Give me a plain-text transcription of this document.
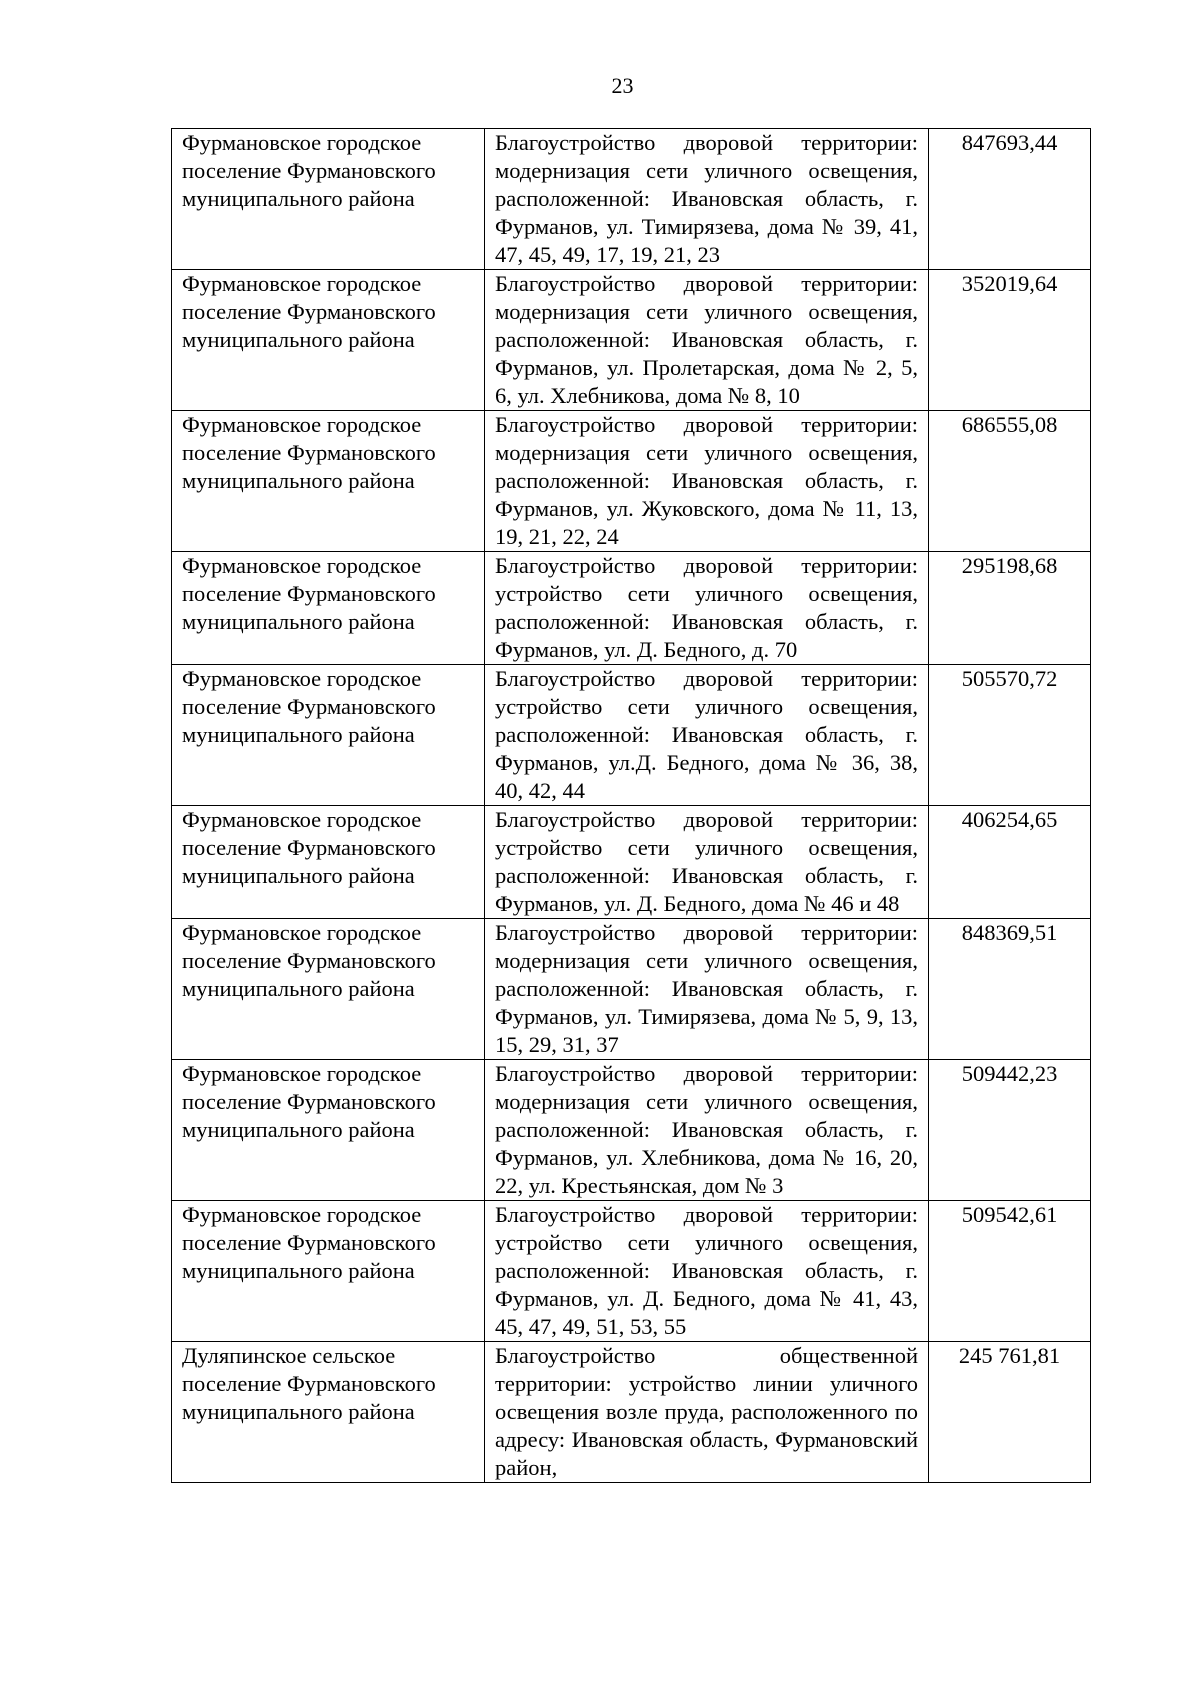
23
Фурмановское городское поселение Фурмановского муниципального района	Благоустройство дворовой территории: модернизация сети уличного освещения, расположенной: Ивановская область, г. Фурманов, ул. Тимирязева, дома № 39, 41, 47, 45, 49, 17, 19, 21, 23	847693,44

Фурмановское городское поселение Фурмановского муниципального района	Благоустройство дворовой территории: модернизация сети уличного освещения, расположенной: Ивановская область, г. Фурманов, ул. Пролетарская, дома № 2, 5, 6, ул. Хлебникова, дома № 8, 10	352019,64

Фурмановское городское поселение Фурмановского муниципального района	Благоустройство дворовой территории: модернизация сети уличного освещения, расположенной: Ивановская область, г. Фурманов, ул. Жуковского, дома № 11, 13, 19, 21, 22, 24	686555,08

Фурмановское городское поселение Фурмановского муниципального района	Благоустройство дворовой территории: устройство сети уличного освещения, расположенной: Ивановская область, г. Фурманов, ул. Д. Бедного, д. 70	295198,68

Фурмановское городское поселение Фурмановского муниципального района	Благоустройство дворовой территории: устройство сети уличного освещения, расположенной: Ивановская область, г. Фурманов, ул.Д. Бедного, дома № 36, 38, 40, 42, 44	505570,72

Фурмановское городское поселение Фурмановского муниципального района	Благоустройство дворовой территории: устройство сети уличного освещения, расположенной: Ивановская область, г. Фурманов, ул. Д. Бедного, дома № 46 и 48	406254,65

Фурмановское городское поселение Фурмановского муниципального района	Благоустройство дворовой территории: модернизация сети уличного освещения, расположенной: Ивановская область, г. Фурманов, ул. Тимирязева, дома № 5, 9, 13, 15, 29, 31, 37	848369,51

Фурмановское городское поселение Фурмановского муниципального района	Благоустройство дворовой территории: модернизация сети уличного освещения, расположенной: Ивановская область, г. Фурманов, ул. Хлебникова, дома № 16, 20, 22, ул. Крестьянская, дом № 3	509442,23

Фурмановское городское поселение Фурмановского муниципального района	Благоустройство дворовой территории: устройство сети уличного освещения, расположенной: Ивановская область, г. Фурманов, ул. Д. Бедного, дома № 41, 43, 45, 47, 49, 51, 53, 55	509542,61

Дуляпинское сельское поселение Фурмановского муниципального района	Благоустройство общественной территории: устройство линии уличного освещения возле пруда, расположенного по адресу: Ивановская область, Фурмановский район,	245 761,81
